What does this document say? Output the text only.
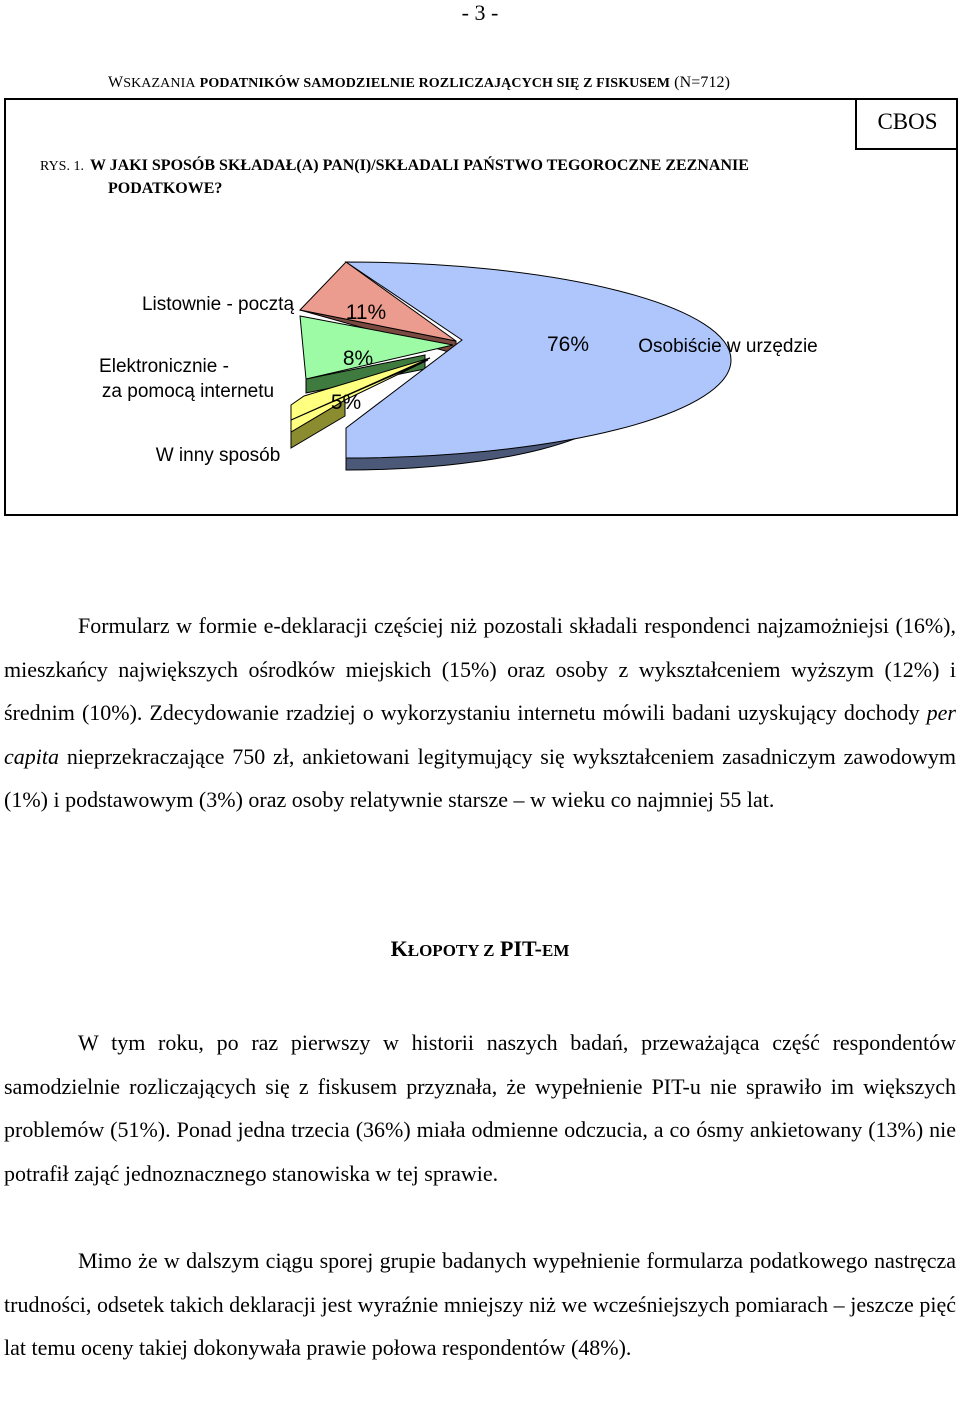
- 3 -
WSKAZANIA PODATNIKÓW SAMODZIELNIE ROZLICZAJĄCYCH SIĘ Z FISKUSEM (N=712)
CBOS
RYS. 1. W JAKI SPOSÓB SKŁADAŁ(A) PAN(I)/SKŁADALI PAŃSTWO TEGOROCZNE ZEZNANIE
PODATKOWE?
11%
8%
5%
76%
Listownie - pocztą
Elektronicznie -
za pomocą internetu
W inny sposób
Osobiście w urzędzie
Formularz w formie e-deklaracji częściej niż pozostali składali respondenci najzamożniejsi (16%), mieszkańcy największych ośrodków miejskich (15%) oraz osoby z wykształceniem wyższym (12%) i średnim (10%). Zdecydowanie rzadziej o wykorzystaniu internetu mówili badani uzyskujący dochody per capita nieprzekraczające 750 zł, ankietowani legitymujący się wykształceniem zasadniczym zawodowym (1%) i podstawowym (3%) oraz osoby relatywnie starsze – w wieku co najmniej 55 lat.
KŁOPOTY Z PIT-EM
W tym roku, po raz pierwszy w historii naszych badań, przeważająca część respondentów samodzielnie rozliczających się z fiskusem przyznała, że wypełnienie PIT-u nie sprawiło im większych problemów (51%). Ponad jedna trzecia (36%) miała odmienne odczucia, a co ósmy ankietowany (13%) nie potrafił zająć jednoznacznego stanowiska w tej sprawie.
Mimo że w dalszym ciągu sporej grupie badanych wypełnienie formularza podatkowego nastręcza trudności, odsetek takich deklaracji jest wyraźnie mniejszy niż we wcześniejszych pomiarach – jeszcze pięć lat temu oceny takiej dokonywała prawie połowa respondentów (48%).
